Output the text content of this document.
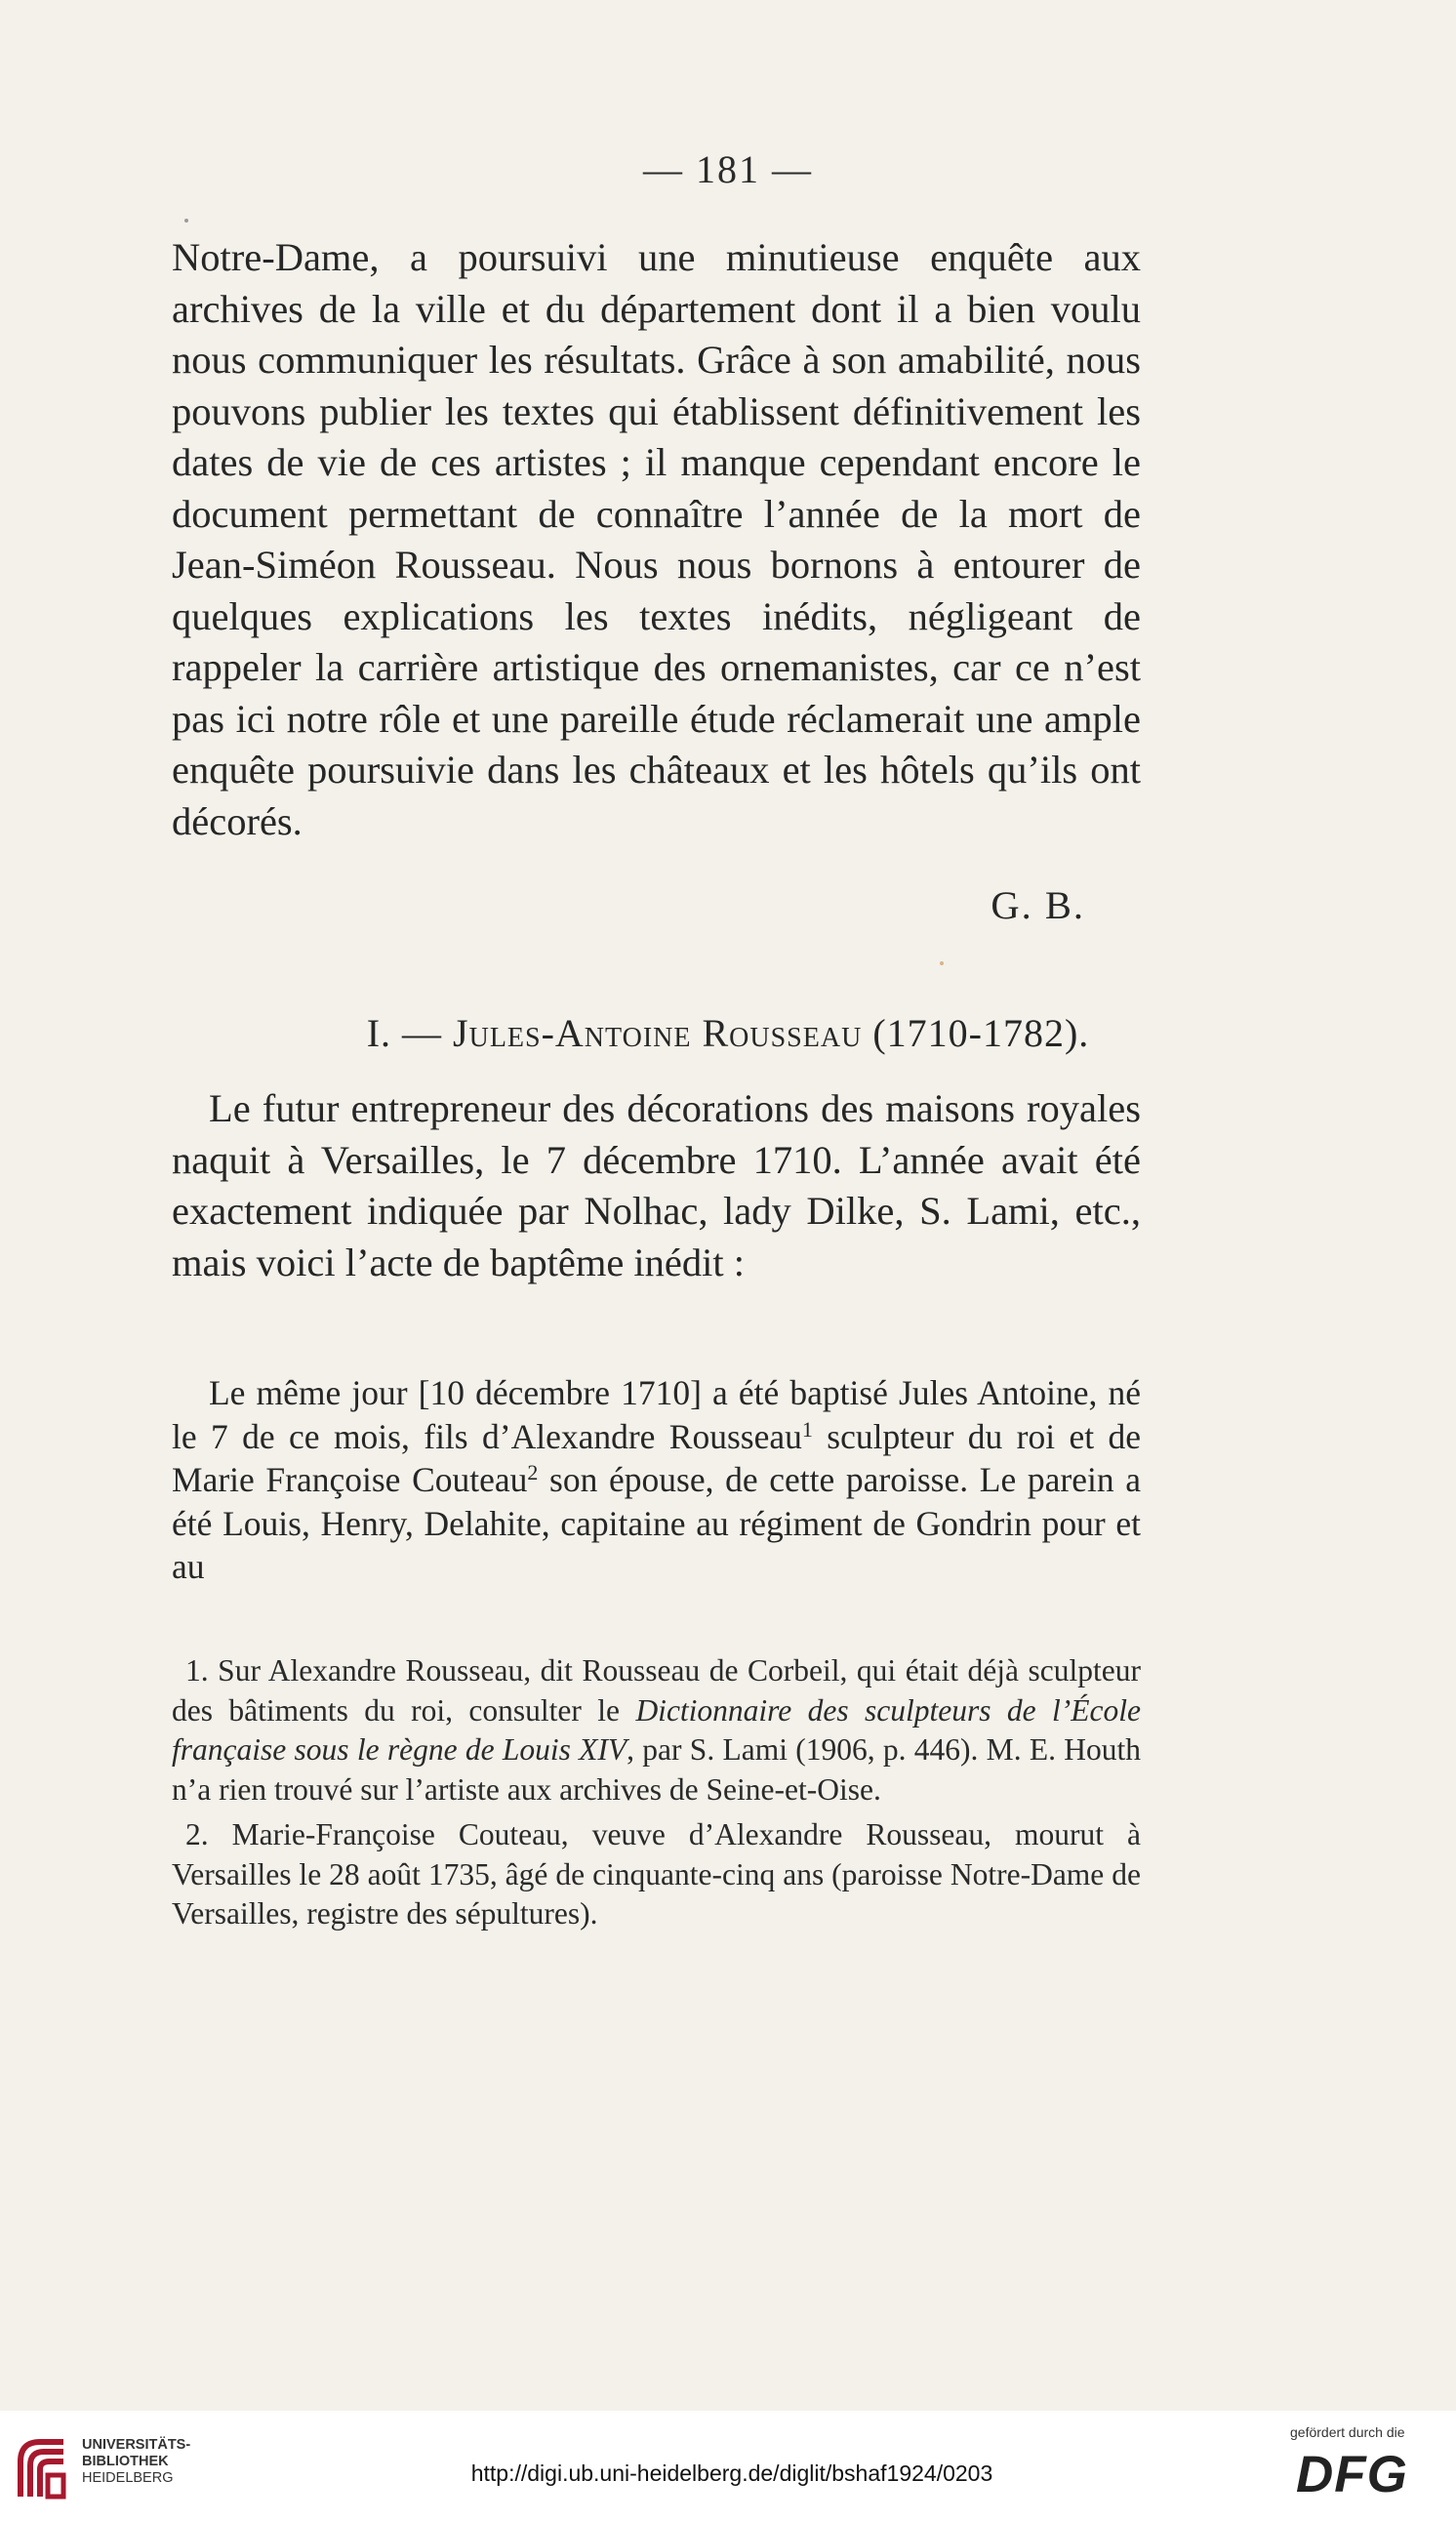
— 181 —

Notre-Dame, a poursuivi une minutieuse enquête aux archives de la ville et du département dont il a bien voulu nous communiquer les résultats. Grâce à son amabilité, nous pouvons publier les textes qui établissent définitivement les dates de vie de ces artistes ; il manque cependant encore le document permettant de connaître l’année de la mort de Jean-Siméon Rousseau. Nous nous bornons à entourer de quelques explications les textes inédits, négligeant de rappeler la carrière artistique des ornemanistes, car ce n’est pas ici notre rôle et une pareille étude réclamerait une ample enquête poursuivie dans les châteaux et les hôtels qu’ils ont décorés.

G. B.

I. — Jules-Antoine Rousseau (1710-1782).

Le futur entrepreneur des décorations des maisons royales naquit à Versailles, le 7 décembre 1710. L’année avait été exactement indiquée par Nolhac, lady Dilke, S. Lami, etc., mais voici l’acte de baptême inédit :

Le même jour [10 décembre 1710] a été baptisé Jules Antoine, né le 7 de ce mois, fils d’Alexandre Rousseau$^1$ sculpteur du roi et de Marie Françoise Couteau$^2$ son épouse, de cette paroisse. Le parein a été Louis, Henry, Delahite, capitaine au régiment de Gondrin pour et au

1. Sur Alexandre Rousseau, dit Rousseau de Corbeil, qui était déjà sculpteur des bâtiments du roi, consulter le Dictionnaire des sculpteurs de l’École française sous le règne de Louis XIV, par S. Lami (1906, p. 446). M. E. Houth n’a rien trouvé sur l’artiste aux archives de Seine-et-Oise.

2. Marie-Françoise Couteau, veuve d’Alexandre Rousseau, mourut à Versailles le 28 août 1735, âgé de cinquante-cinq ans (paroisse Notre-Dame de Versailles, registre des sépultures).

UNIVERSITÄTS-
BIBLIOTHEK
HEIDELBERG	http://digi.ub.uni-heidelberg.de/diglit/bshaf1924/0203

gefördert durch die

DFG
